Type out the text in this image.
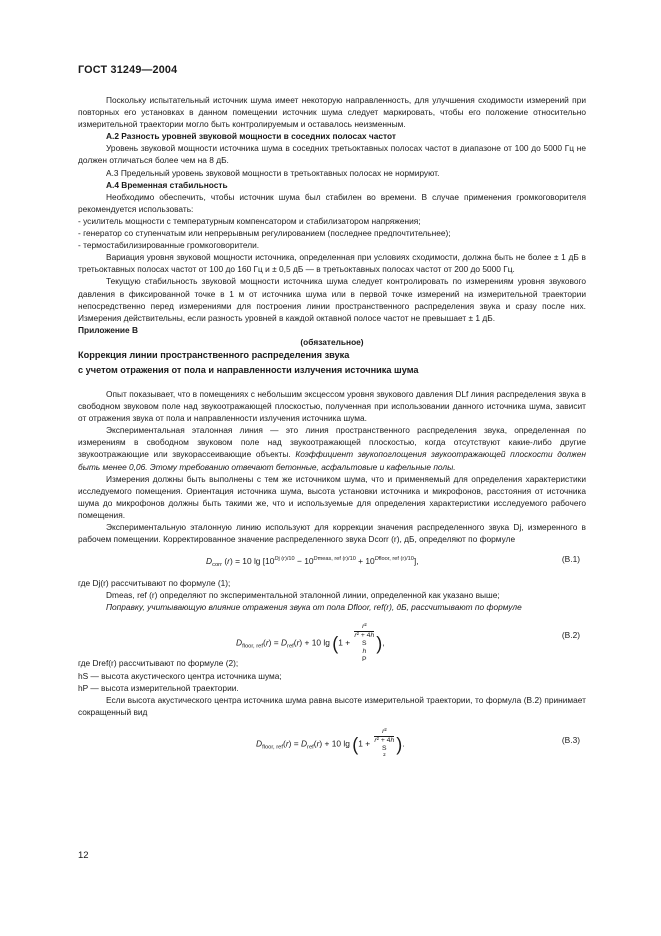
ГОСТ 31249—2004

Поскольку испытательный источник шума имеет некоторую направленность, для улучшения сходимости измерений при повторных его установках в данном помещении источник шума следует маркировать, чтобы его положение относительно измерительной траектории могло быть контролируемым и оставалось неизменным.

А.2 Разность уровней звуковой мощности в соседних полосах частот

Уровень звуковой мощности источника шума в соседних третьоктавных полосах частот в диапазоне от 100 до 5000 Гц не должен отличаться более чем на 8 дБ.

А.3 Предельный уровень звуковой мощности в третьоктавных полосах не нормируют.

А.4 Временная стабильность

Необходимо обеспечить, чтобы источник шума был стабилен во времени. В случае применения громкоговорителя рекомендуется использовать:

- усилитель мощности с температурным компенсатором и стабилизатором напряжения;

- генератор со ступенчатым или непрерывным регулированием (последнее предпочтительнее);

- термостабилизированные громкоговорители.

Вариация уровня звуковой мощности источника, определенная при условиях сходимости, должна быть не более ± 1 дБ в третьоктавных полосах частот от 100 до 160 Гц и ± 0,5 дБ — в третьоктавных полосах частот от 200 до 5000 Гц.

Текущую стабильность звуковой мощности источника шума следует контролировать по измерениям уровня звукового давления в фиксированной точке в 1 м от источника шума или в первой точке измерений на измерительной траектории непосредственно перед измерениями для построения линии пространственного распределения звука и сразу после них. Измерения действительны, если разность уровней в каждой октавной полосе частот не превышает ± 1 дБ.

Приложение В

(обязательное)

Коррекция линии пространственного распределения звука
с учетом отражения от пола и направленности излучения источника шума

Опыт показывает, что в помещениях с небольшим эксцессом уровня звукового давления DLf линия распределения звука в свободном звуковом поле над звукоотражающей плоскостью, полученная при использовании данного источника шума, зависит от отражения звука от пола и направленности излучения источника шума.

Экспериментальная эталонная линия — это линия пространственного распределения звука, определенная по измерениям в свободном звуковом поле над звукоотражающей плоскостью, когда отсутствуют какие-либо другие звукоотражающие или звукорассеивающие объекты. Коэффициент звукопоглощения звукоотражающей плоскости должен быть менее 0,06. Этому требованию отвечают бетонные, асфальтовые и кафельные полы.

Измерения должны быть выполнены с тем же источником шума, что и применяемый для определения характеристики исследуемого помещения. Ориентация источника шума, высота установки источника и микрофонов, расстояния от источника шума до микрофонов должны быть такими же, что и используемые для определения характеристики исследуемого рабочего помещения.

Экспериментальную эталонную линию используют для коррекции значения распределенного звука Dj, измеренного в рабочем помещении. Корректированное значение распределенного звука Dcorr (r), дБ, определяют по формуле

$D_{corr}$ (r) = 10 $\lg [10^{Dj (r)/10} - 10^{Dmeas, ref (r)/10} + 10^{Dfloor, ref (r)/10}]$,	(В.1)

где Dj(r) рассчитывают по формуле (1);

Dmeas, ref (r) определяют по экспериментальной эталонной линии, определенной как указано выше;

Поправку, учитывающую влияние отражения звука от пола Dfloor, ref(r), дБ, рассчитывают по формуле

$D_{floor, ref}(r) = D_{ref}(r) + 10$ lg (1 + r²
r² + 4h
S
h
P ),
(В.2)

где Dref(r) рассчитывают по формуле (2);

hS — высота акустического центра источника шума;

hP — высота измерительной траектории.

Если высота акустического центра источника шума равна высоте измерительной траектории, то формула (В.2) принимает сокращенный вид

$D_{floor, ref}(r) = D_{ref}(r) + 10$ lg (1 + r²
r² + 4h
S
² ).	(В.3)
12
